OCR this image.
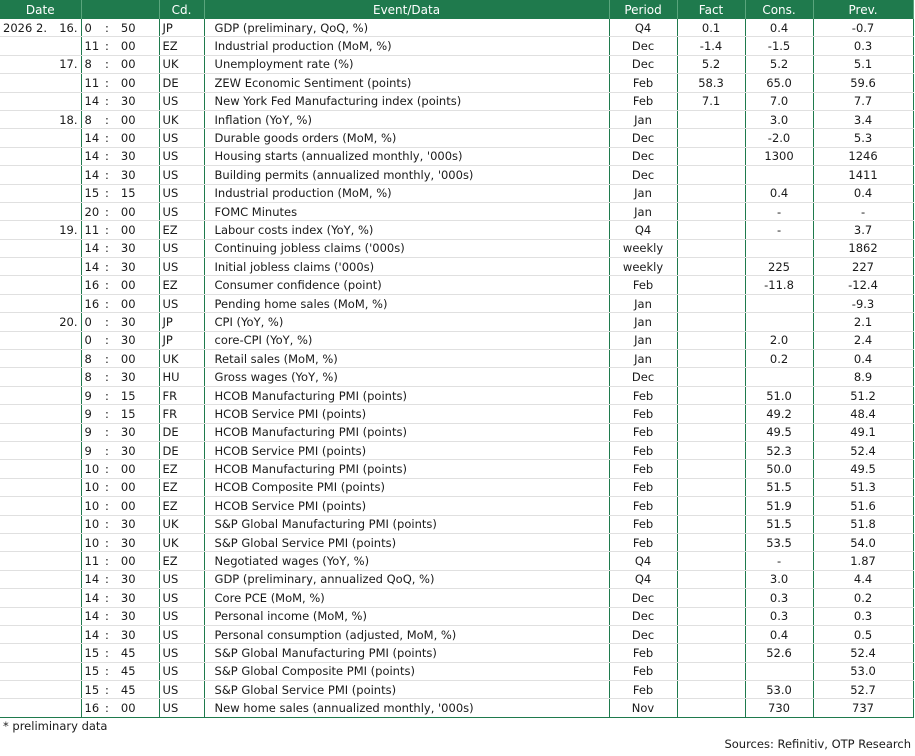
Date					Cd.	Event/Data	Period	Fact	Cons.	Prev.
2026	2.	16.	0	: 50	JP	GDP (preliminary, QoQ, %)	Q4	0.1	0.4	-0.7
			11	: 00	EZ	Industrial production (MoM, %)	Dec	-1.4	-1.5	0.3
		17.	8	: 00	UK	Unemployment rate (%)	Dec	5.2	5.2	5.1
			11	: 00	DE	ZEW Economic Sentiment (points)	Feb	58.3	65.0	59.6
			14	: 30	US	New York Fed Manufacturing index (points)	Feb	7.1	7.0	7.7
		18.	8	: 00	UK	Inflation (YoY, %)	Jan		3.0	3.4
			14	: 00	US	Durable goods orders (MoM, %)	Dec		-2.0	5.3
			14	: 30	US	Housing starts (annualized monthly, '000s)	Dec		1300	1246
			14	: 30	US	Building permits (annualized monthly, '000s)	Dec			1411
			15	: 15	US	Industrial production (MoM, %)	Jan		0.4	0.4
			20	: 00	US	FOMC Minutes	Jan		-	-
		19.	11	: 00	EZ	Labour costs index (YoY, %)	Q4		-	3.7
			14	: 30	US	Continuing jobless claims ('000s)	weekly			1862
			14	: 30	US	Initial jobless claims ('000s)	weekly		225	227
			16	: 00	EZ	Consumer confidence (point)	Feb		-11.8	-12.4
			16	: 00	US	Pending home sales (MoM, %)	Jan			-9.3
		20.	0	: 30	JP	CPI (YoY, %)	Jan			2.1
			0	: 30	JP	core-CPI (YoY, %)	Jan		2.0	2.4
			8	: 00	UK	Retail sales (MoM, %)	Jan		0.2	0.4
			8	: 30	HU	Gross wages (YoY, %)	Dec			8.9
			9	: 15	FR	HCOB Manufacturing PMI (points)	Feb		51.0	51.2
			9	: 15	FR	HCOB Service PMI (points)	Feb		49.2	48.4
			9	: 30	DE	HCOB Manufacturing PMI (points)	Feb		49.5	49.1
			9	: 30	DE	HCOB Service PMI (points)	Feb		52.3	52.4
			10	: 00	EZ	HCOB Manufacturing PMI (points)	Feb		50.0	49.5
			10	: 00	EZ	HCOB Composite PMI (points)	Feb		51.5	51.3
			10	: 00	EZ	HCOB Service PMI (points)	Feb		51.9	51.6
			10	: 30	UK	S&P Global Manufacturing PMI (points)	Feb		51.5	51.8
			10	: 30	UK	S&P Global Service PMI (points)	Feb		53.5	54.0
			11	: 00	EZ	Negotiated wages (YoY, %)	Q4		-	1.87
			14	: 30	US	GDP (preliminary, annualized QoQ, %)	Q4		3.0	4.4
			14	: 30	US	Core PCE (MoM, %)	Dec		0.3	0.2
			14	: 30	US	Personal income (MoM, %)	Dec		0.3	0.3
			14	: 30	US	Personal consumption (adjusted, MoM, %)	Dec		0.4	0.5
			15	: 45	US	S&P Global Manufacturing PMI (points)	Feb		52.6	52.4
			15	: 45	US	S&P Global Composite PMI (points)	Feb			53.0
			15	: 45	US	S&P Global Service PMI (points)	Feb		53.0	52.7
			16	: 00	US	New home sales (annualized monthly, '000s)	Nov		730	737
* preliminary data
Sources: Refinitiv, OTP Research
